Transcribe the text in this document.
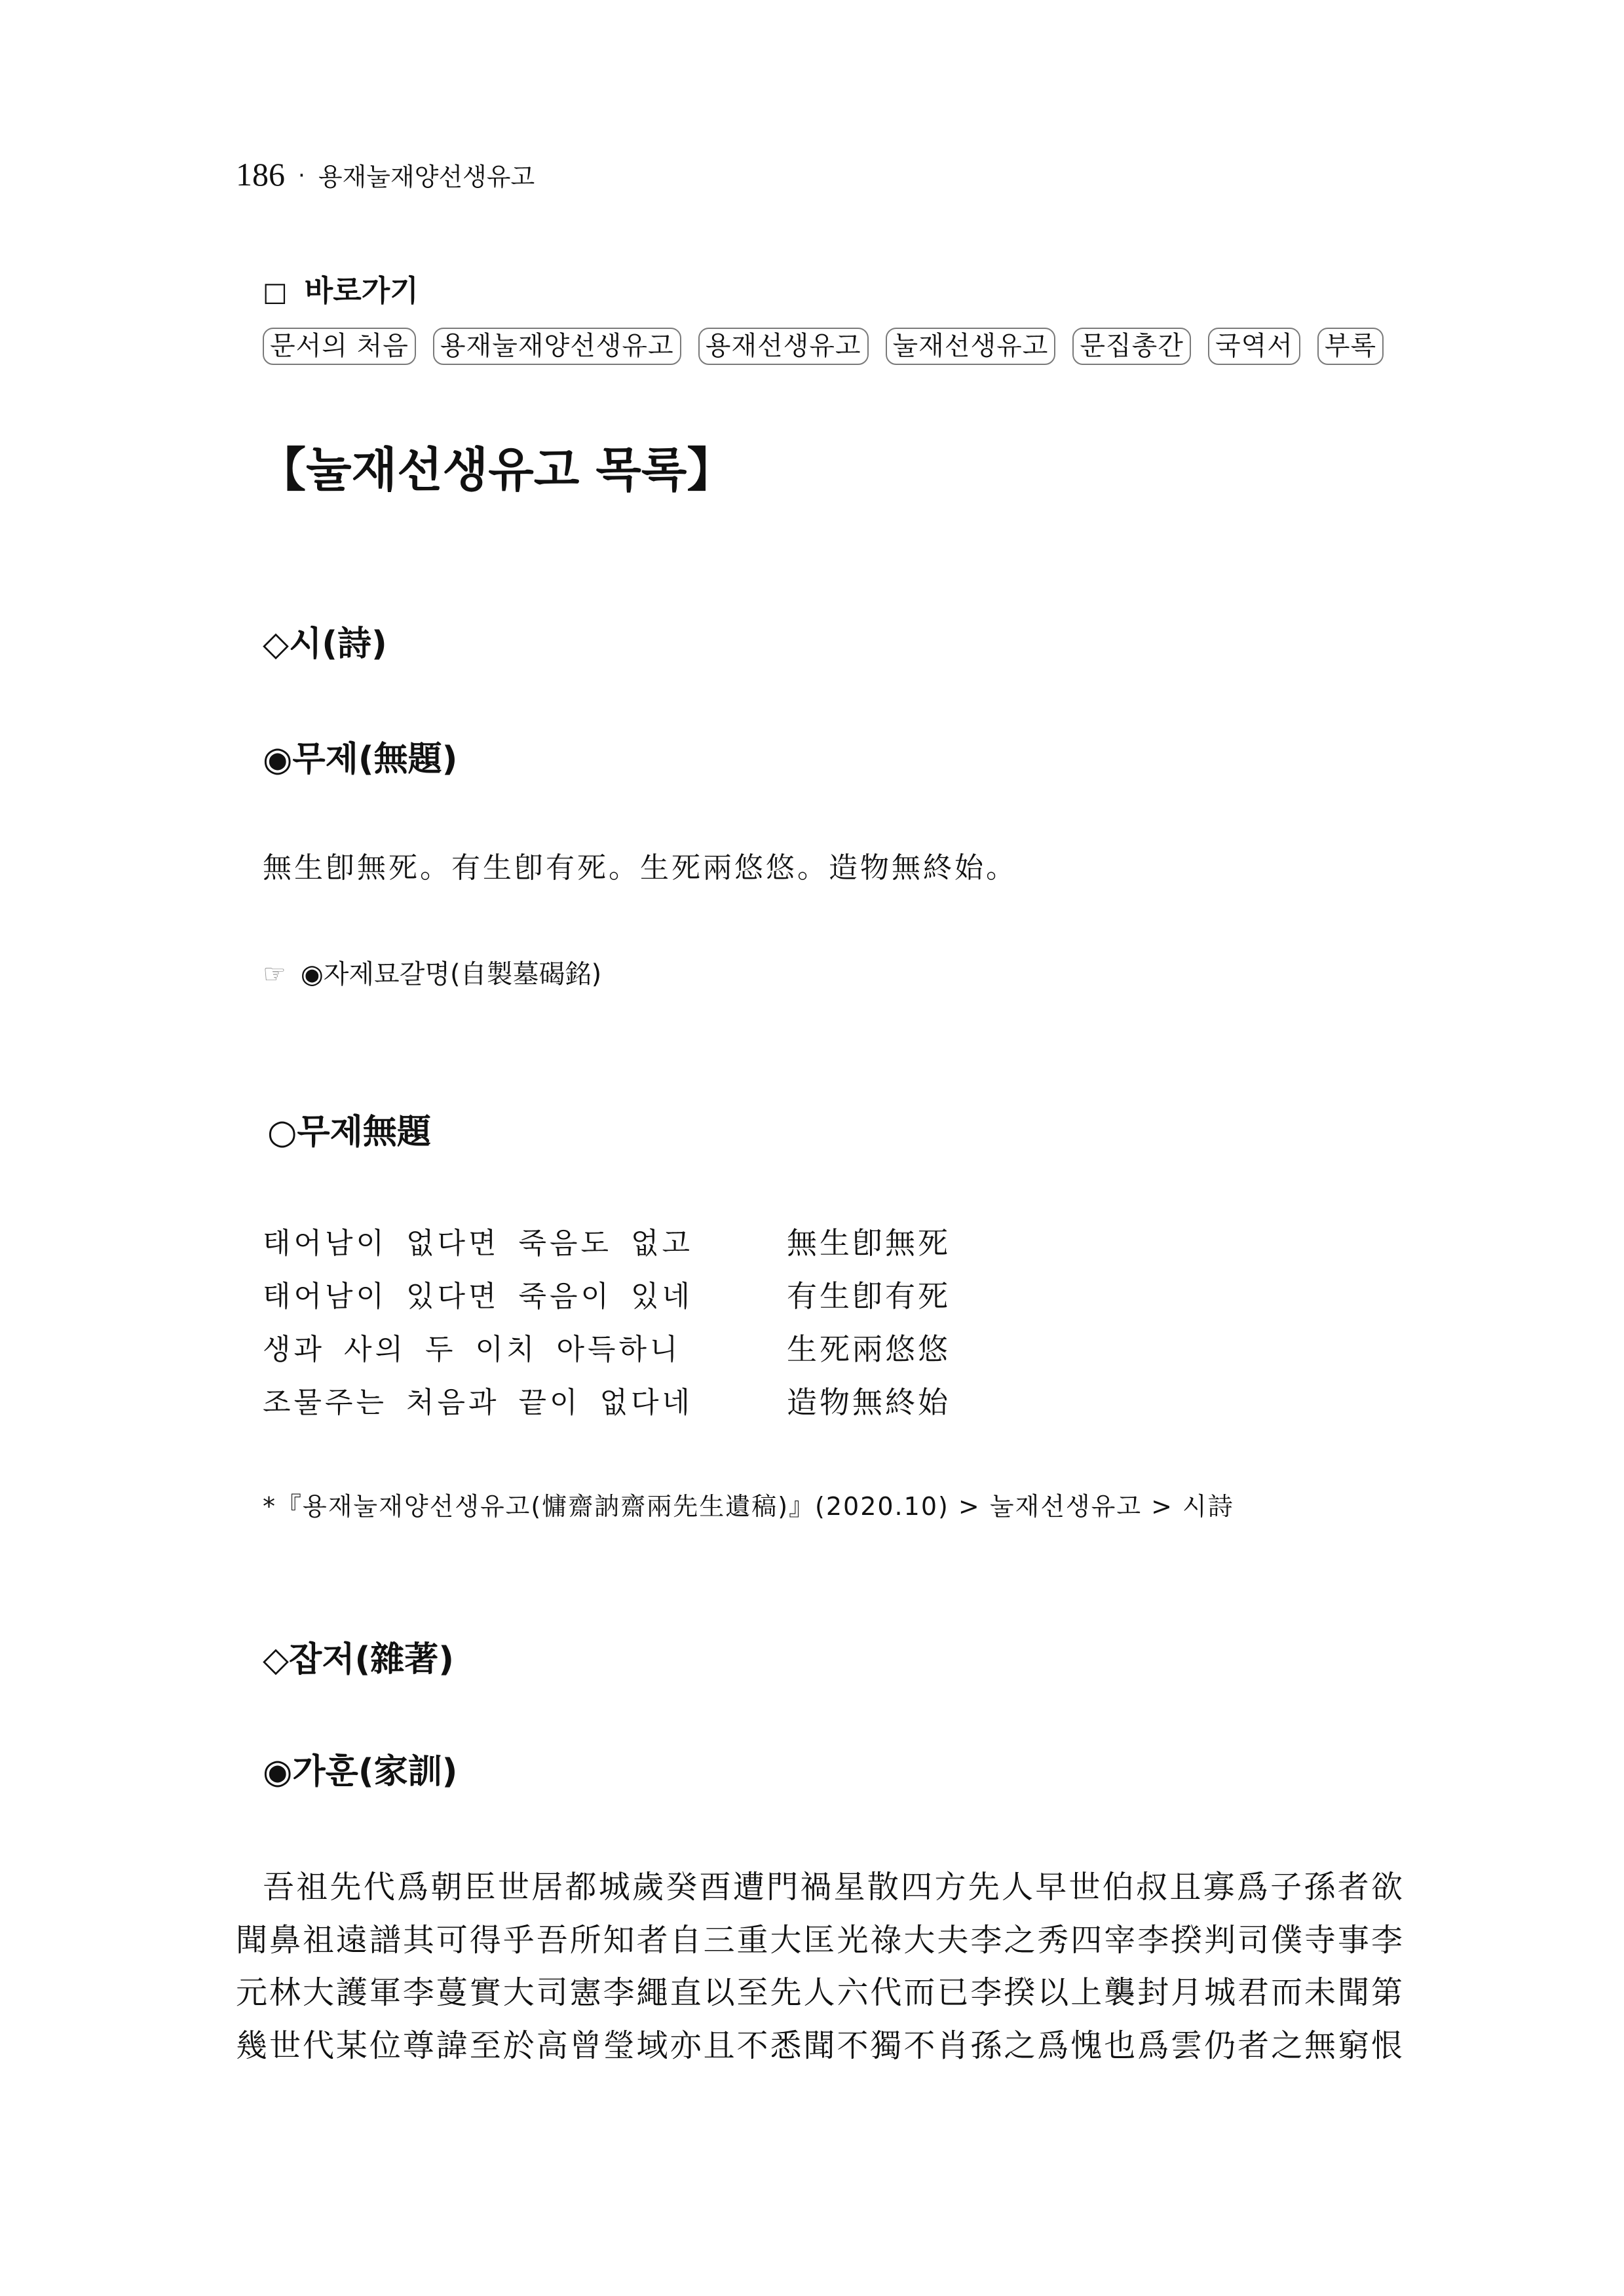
186 · 용재눌재양선생유고
□ 바로가기
문서의 처음 용재눌재양선생유고 용재선생유고 눌재선생유고 문집총간 국역서 부록
【눌재선생유고 목록】
◇시(詩)
◉무제(無題)
無生卽無死。有生卽有死。生死兩悠悠。造物無終始。
☞ ◉자제묘갈명(自製墓碣銘)
○무제無題
태어남이 없다면 죽음도 없고	無生卽無死
태어남이 있다면 죽음이 있네	有生卽有死
생과 사의 두 이치 아득하니	生死兩悠悠
조물주는 처음과 끝이 없다네	造物無終始
*『용재눌재양선생유고(慵齋訥齋兩先生遺稿)』(2020.10) > 눌재선생유고 > 시詩
◇잡저(雜著)
◉가훈(家訓)
吾祖先代爲朝臣世居都城歲癸酉遭門禍星散四方先人早世伯叔且寡爲子孫者欲
聞鼻祖遠譜其可得乎吾所知者自三重大匡光祿大夫李之秀四宰李揆判司僕寺事李
元林大護軍李蔓實大司憲李繩直以至先人六代而已李揆以上襲封月城君而未聞第
幾世代某位尊諱至於高曾瑩域亦且不悉聞不獨不肖孫之爲愧也爲雲仍者之無窮恨
